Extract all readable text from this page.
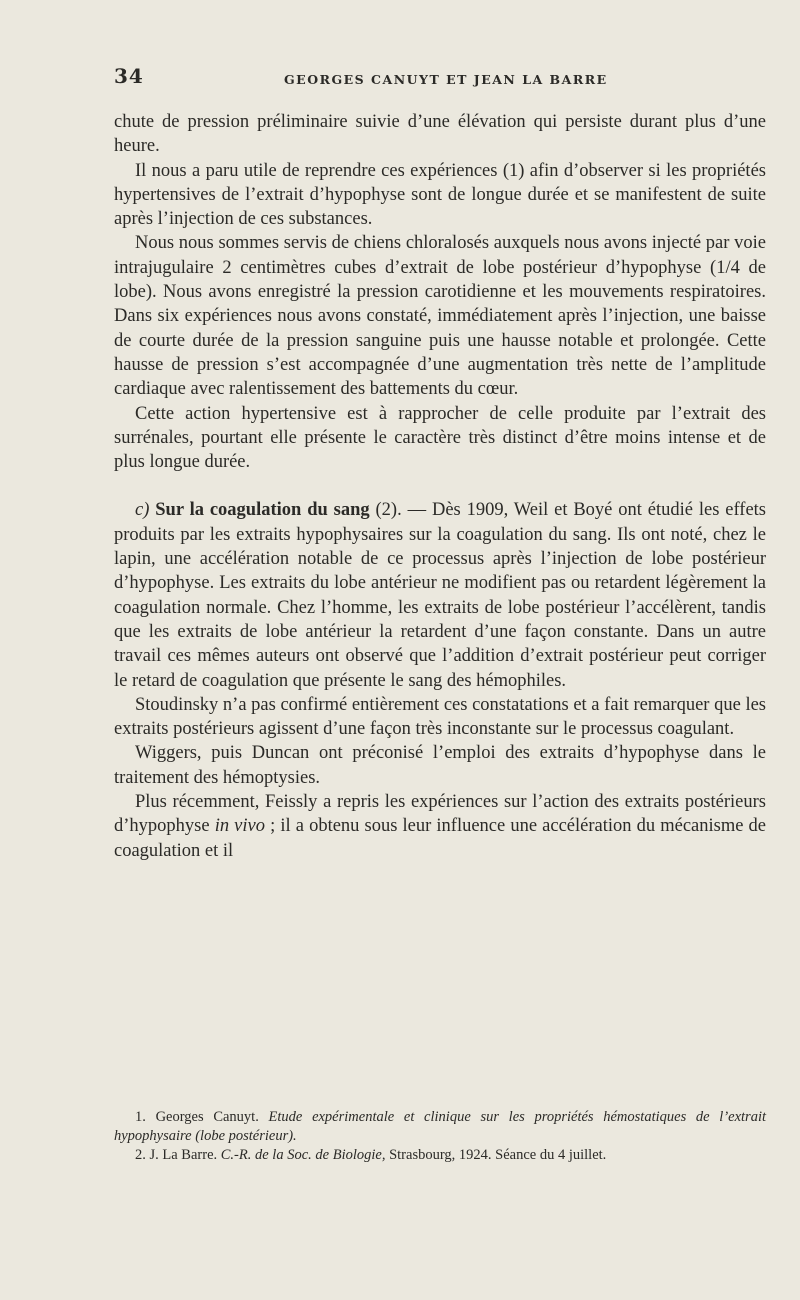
34	GEORGES CANUYT ET JEAN LA BARRE

chute de pression préliminaire suivie d’une élévation qui persiste durant plus d’une heure.

Il nous a paru utile de reprendre ces expériences (1) afin d’observer si les propriétés hypertensives de l’extrait d’hypophyse sont de longue durée et se manifestent de suite après l’injection de ces substances.

Nous nous sommes servis de chiens chloralosés auxquels nous avons injecté par voie intrajugulaire 2 centimètres cubes d’extrait de lobe postérieur d’hypophyse (1/4 de lobe). Nous avons enregistré la pression carotidienne et les mouvements respiratoires. Dans six expériences nous avons constaté, immédiatement après l’injection, une baisse de courte durée de la pression sanguine puis une hausse notable et prolongée. Cette hausse de pression s’est accompagnée d’une augmentation très nette de l’amplitude cardiaque avec ralentissement des battements du cœur.

Cette action hypertensive est à rapprocher de celle produite par l’extrait des surrénales, pourtant elle présente le caractère très distinct d’être moins intense et de plus longue durée.

c) Sur la coagulation du sang (2). — Dès 1909, Weil et Boyé ont étudié les effets produits par les extraits hypophysaires sur la coagulation du sang. Ils ont noté, chez le lapin, une accélération notable de ce processus après l’injection de lobe postérieur d’hypophyse. Les extraits du lobe antérieur ne modifient pas ou retardent légèrement la coagulation normale. Chez l’homme, les extraits de lobe postérieur l’accélèrent, tandis que les extraits de lobe antérieur la retardent d’une façon constante. Dans un autre travail ces mêmes auteurs ont observé que l’addition d’extrait postérieur peut corriger le retard de coagulation que présente le sang des hémophiles.

Stoudinsky n’a pas confirmé entièrement ces constatations et a fait remarquer que les extraits postérieurs agissent d’une façon très inconstante sur le processus coagulant.

Wiggers, puis Duncan ont préconisé l’emploi des extraits d’hypophyse dans le traitement des hémoptysies.

Plus récemment, Feissly a repris les expériences sur l’action des extraits postérieurs d’hypophyse in vivo ; il a obtenu sous leur influence une accélération du mécanisme de coagulation et il

1. Georges Canuyt. Etude expérimentale et clinique sur les propriétés hémostatiques de l’extrait hypophysaire (lobe postérieur).

2. J. La Barre. C.-R. de la Soc. de Biologie, Strasbourg, 1924. Séance du 4 juillet.
